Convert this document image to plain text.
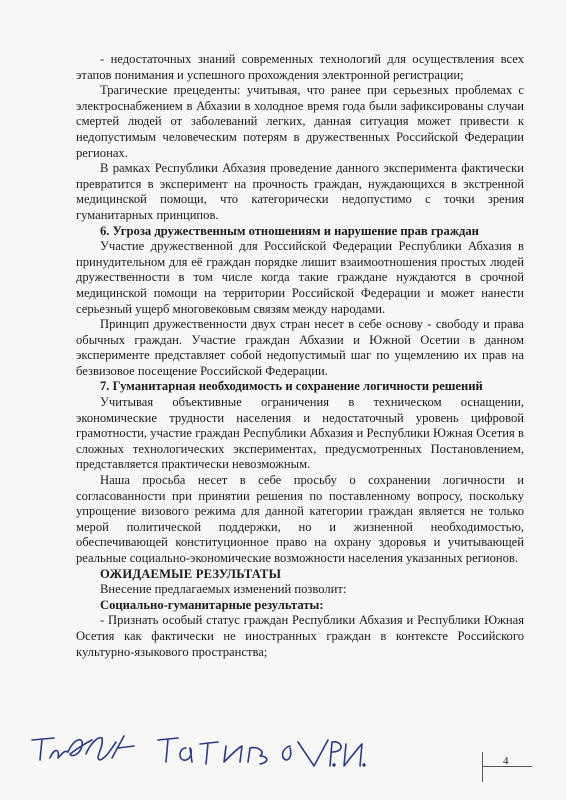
- недостаточных знаний современных технологий для осуществления всех этапов понимания и успешного прохождения электронной регистрации;

Трагические прецеденты: учитывая, что ранее при серьезных проблемах с электроснабжением в Абхазии в холодное время года были зафиксированы случаи смертей людей от заболеваний легких, данная ситуация может привести к недопустимым человеческим потерям в дружественных Российской Федерации регионах.

В рамках Республики Абхазия проведение данного эксперимента фактически превратится в эксперимент на прочность граждан, нуждающихся в экстренной медицинской помощи, что категорически недопустимо с точки зрения гуманитарных принципов.

6. Угроза дружественным отношениям и нарушение прав граждан

Участие дружественной для Российской Федерации Республики Абхазия в принудительном для её граждан порядке лишит взаимоотношения простых людей дружественности в том числе когда такие граждане нуждаются в срочной медицинской помощи на территории Российской Федерации и может нанести серьезный ущерб многовековым связям между народами.

Принцип дружественности двух стран несет в себе основу - свободу и права обычных граждан. Участие граждан Абхазии и Южной Осетии в данном эксперименте представляет собой недопустимый шаг по ущемлению их прав на безвизовое посещение Российской Федерации.

7. Гуманитарная необходимость и сохранение логичности решений

Учитывая объективные ограничения в техническом оснащении, экономические трудности населения и недостаточный уровень цифровой грамотности, участие граждан Республики Абхазия и Республики Южная Осетия в сложных технологических экспериментах, предусмотренных Постановлением, представляется практически невозможным.

Наша просьба несет в себе просьбу о сохранении логичности и согласованности при принятии решения по поставленному вопросу, поскольку упрощение визового режима для данной категории граждан является не только мерой политической поддержки, но и жизненной необходимостью, обеспечивающей конституционное право на охрану здоровья и учитывающей реальные социально-экономические возможности населения указанных регионов.

ОЖИДАЕМЫЕ РЕЗУЛЬТАТЫ

Внесение предлагаемых изменений позволит:

Социально-гуманитарные результаты:

- Признать особый статус граждан Республики Абхазия и Республики Южная Осетия как фактически не иностранных граждан в контексте Российского культурно-языкового пространства;

4
